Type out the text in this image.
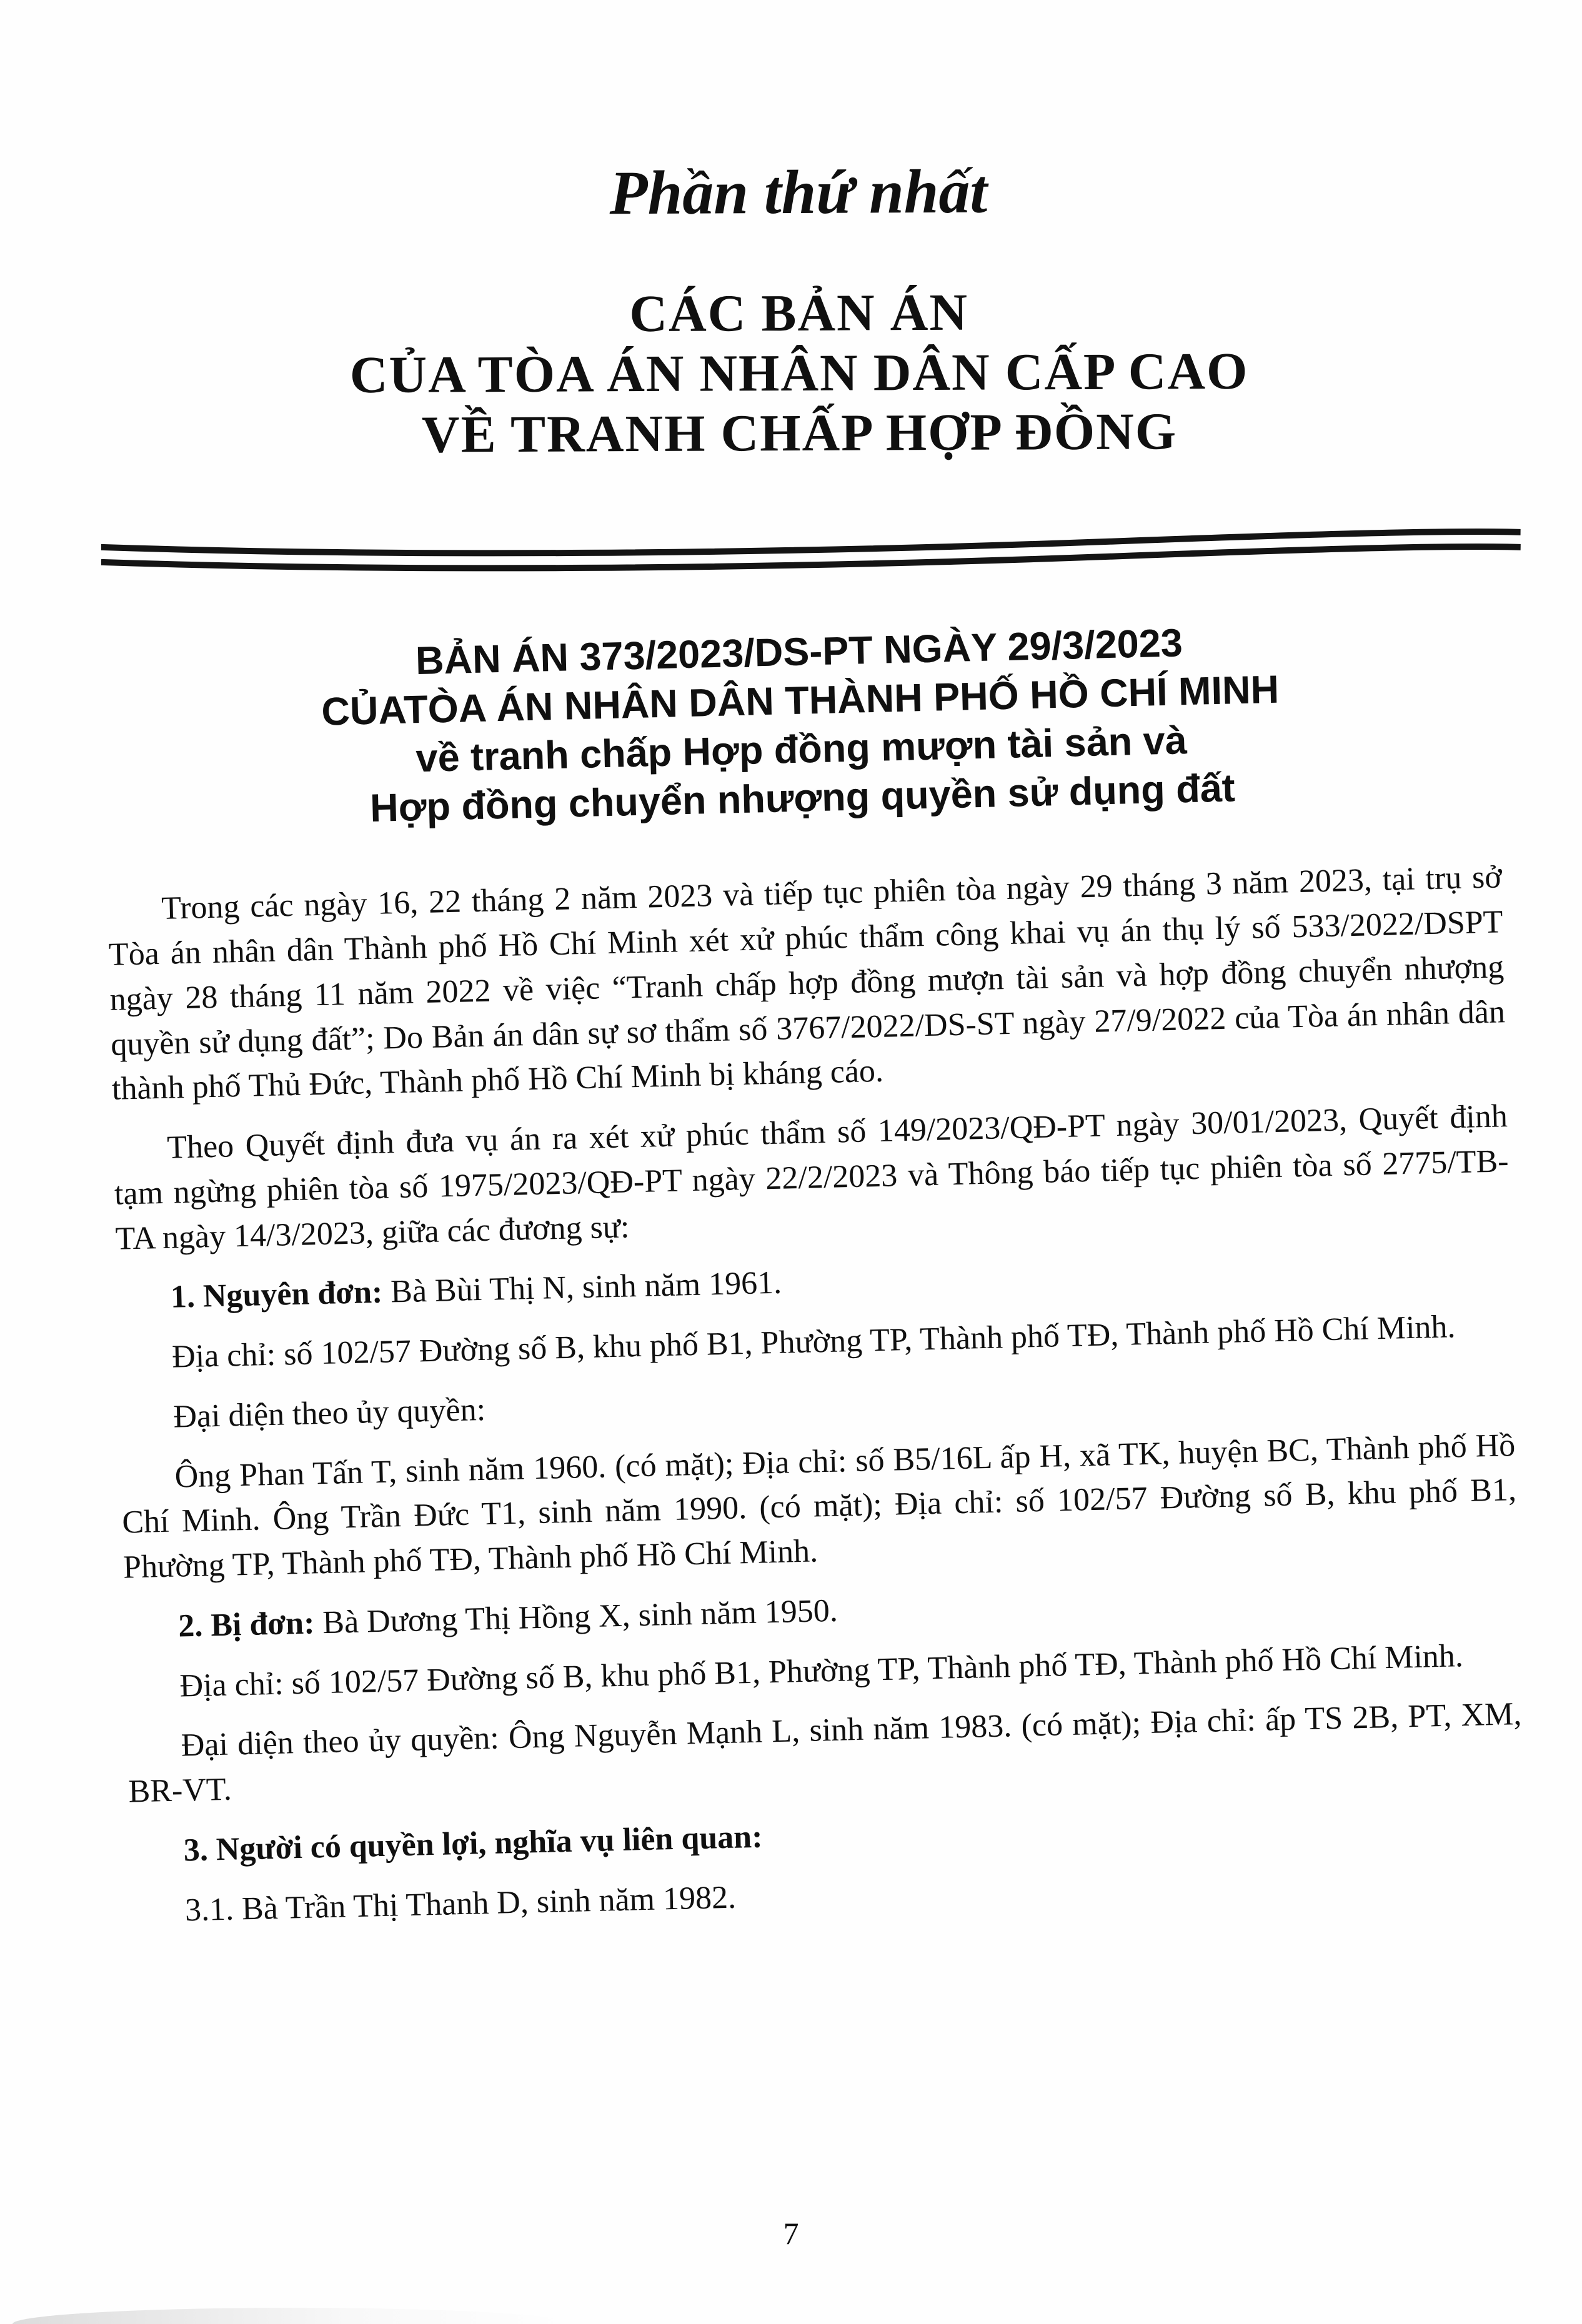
Phần thứ nhất
CÁC BẢN ÁN
CỦA TÒA ÁN NHÂN DÂN CẤP CAO
VỀ TRANH CHẤP HỢP ĐỒNG
BẢN ÁN 373/2023/DS-PT NGÀY 29/3/2023
CỦATÒA ÁN NHÂN DÂN THÀNH PHỐ HỒ CHÍ MINH
về tranh chấp Hợp đồng mượn tài sản và
Hợp đồng chuyển nhượng quyền sử dụng đất

Trong các ngày 16, 22 tháng 2 năm 2023 và tiếp tục phiên tòa ngày 29 tháng 3 năm 2023, tại trụ sở Tòa án nhân dân Thành phố Hồ Chí Minh xét xử phúc thẩm công khai vụ án thụ lý số 533/2022/DSPT ngày 28 tháng 11 năm 2022 về việc “Tranh chấp hợp đồng mượn tài sản và hợp đồng chuyển nhượng quyền sử dụng đất”; Do Bản án dân sự sơ thẩm số 3767/2022/DS-ST ngày 27/9/2022 của Tòa án nhân dân thành phố Thủ Đức, Thành phố Hồ Chí Minh bị kháng cáo.

Theo Quyết định đưa vụ án ra xét xử phúc thẩm số 149/2023/QĐ-PT ngày 30/01/2023, Quyết định tạm ngừng phiên tòa số 1975/2023/QĐ-PT ngày 22/2/2023 và Thông báo tiếp tục phiên tòa số 2775/TB-TA ngày 14/3/2023, giữa các đương sự:

1. Nguyên đơn: Bà Bùi Thị N, sinh năm 1961.

Địa chỉ: số 102/57 Đường số B, khu phố B1, Phường TP, Thành phố TĐ, Thành phố Hồ Chí Minh.

Đại diện theo ủy quyền:

Ông Phan Tấn T, sinh năm 1960. (có mặt); Địa chỉ: số B5/16L ấp H, xã TK, huyện BC, Thành phố Hồ Chí Minh. Ông Trần Đức T1, sinh năm 1990. (có mặt); Địa chỉ: số 102/57 Đường số B, khu phố B1, Phường TP, Thành phố TĐ, Thành phố Hồ Chí Minh.

2. Bị đơn: Bà Dương Thị Hồng X, sinh năm 1950.

Địa chỉ: số 102/57 Đường số B, khu phố B1, Phường TP, Thành phố TĐ, Thành phố Hồ Chí Minh.

Đại diện theo ủy quyền: Ông Nguyễn Mạnh L, sinh năm 1983. (có mặt); Địa chỉ: ấp TS 2B, PT, XM, BR-VT.

3. Người có quyền lợi, nghĩa vụ liên quan:

3.1. Bà Trần Thị Thanh D, sinh năm 1982.

7
